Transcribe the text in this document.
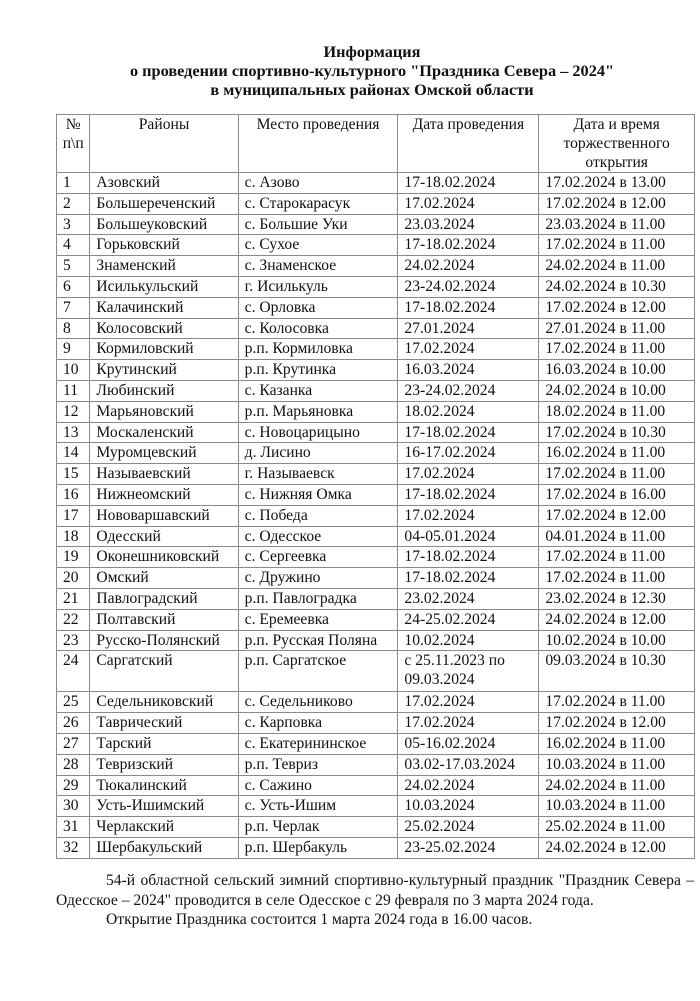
Информация
о проведении спортивно-культурного "Праздника Севера – 2024"
в муниципальных районах Омской области
№ п\п	Районы	Место проведения	Дата проведения	Дата и время торжественного открытия
1	Азовский	с. Азово	17-18.02.2024	17.02.2024 в 13.00
2	Большереченский	с. Старокарасук	17.02.2024	17.02.2024 в 12.00
3	Большеуковский	с. Большие Уки	23.03.2024	23.03.2024 в 11.00
4	Горьковский	с. Сухое	17-18.02.2024	17.02.2024 в 11.00
5	Знаменский	с. Знаменское	24.02.2024	24.02.2024 в 11.00
6	Исилькульский	г. Исилькуль	23-24.02.2024	24.02.2024 в 10.30
7	Калачинский	с. Орловка	17-18.02.2024	17.02.2024 в 12.00
8	Колосовский	с. Колосовка	27.01.2024	27.01.2024 в 11.00
9	Кормиловский	р.п. Кормиловка	17.02.2024	17.02.2024 в 11.00
10	Крутинский	р.п. Крутинка	16.03.2024	16.03.2024 в 10.00
11	Любинский	с. Казанка	23-24.02.2024	24.02.2024 в 10.00
12	Марьяновский	р.п. Марьяновка	18.02.2024	18.02.2024 в 11.00
13	Москаленский	с. Новоцарицыно	17-18.02.2024	17.02.2024 в 10.30
14	Муромцевский	д. Лисино	16-17.02.2024	16.02.2024 в 11.00
15	Называевский	г. Называевск	17.02.2024	17.02.2024 в 11.00
16	Нижнеомский	с. Нижняя Омка	17-18.02.2024	17.02.2024 в 16.00
17	Нововаршавский	с. Победа	17.02.2024	17.02.2024 в 12.00
18	Одесский	с. Одесское	04-05.01.2024	04.01.2024 в 11.00
19	Оконешниковский	с. Сергеевка	17-18.02.2024	17.02.2024 в 11.00
20	Омский	с. Дружино	17-18.02.2024	17.02.2024 в 11.00
21	Павлоградский	р.п. Павлоградка	23.02.2024	23.02.2024 в 12.30
22	Полтавский	с. Еремеевка	24-25.02.2024	24.02.2024 в 12.00
23	Русско-Полянский	р.п. Русская Поляна	10.02.2024	10.02.2024 в 10.00
24	Саргатский	р.п. Саргатское	с 25.11.2023 по 09.03.2024	09.03.2024 в 10.30
25	Седельниковский	с. Седельниково	17.02.2024	17.02.2024 в 11.00
26	Таврический	с. Карповка	17.02.2024	17.02.2024 в 12.00
27	Тарский	с. Екатерининское	05-16.02.2024	16.02.2024 в 11.00
28	Тевризский	р.п. Тевриз	03.02-17.03.2024	10.03.2024 в 11.00
29	Тюкалинский	с. Сажино	24.02.2024	24.02.2024 в 11.00
30	Усть-Ишимский	с. Усть-Ишим	10.03.2024	10.03.2024 в 11.00
31	Черлакский	р.п. Черлак	25.02.2024	25.02.2024 в 11.00
32	Шербакульский	р.п. Шербакуль	23-25.02.2024	24.02.2024 в 12.00

54-й областной сельский зимний спортивно-культурный праздник "Праздник Севера – Одесское – 2024" проводится в селе Одесское с 29 февраля по 3 марта 2024 года.

Открытие Праздника состоится 1 марта 2024 года в 16.00 часов.
